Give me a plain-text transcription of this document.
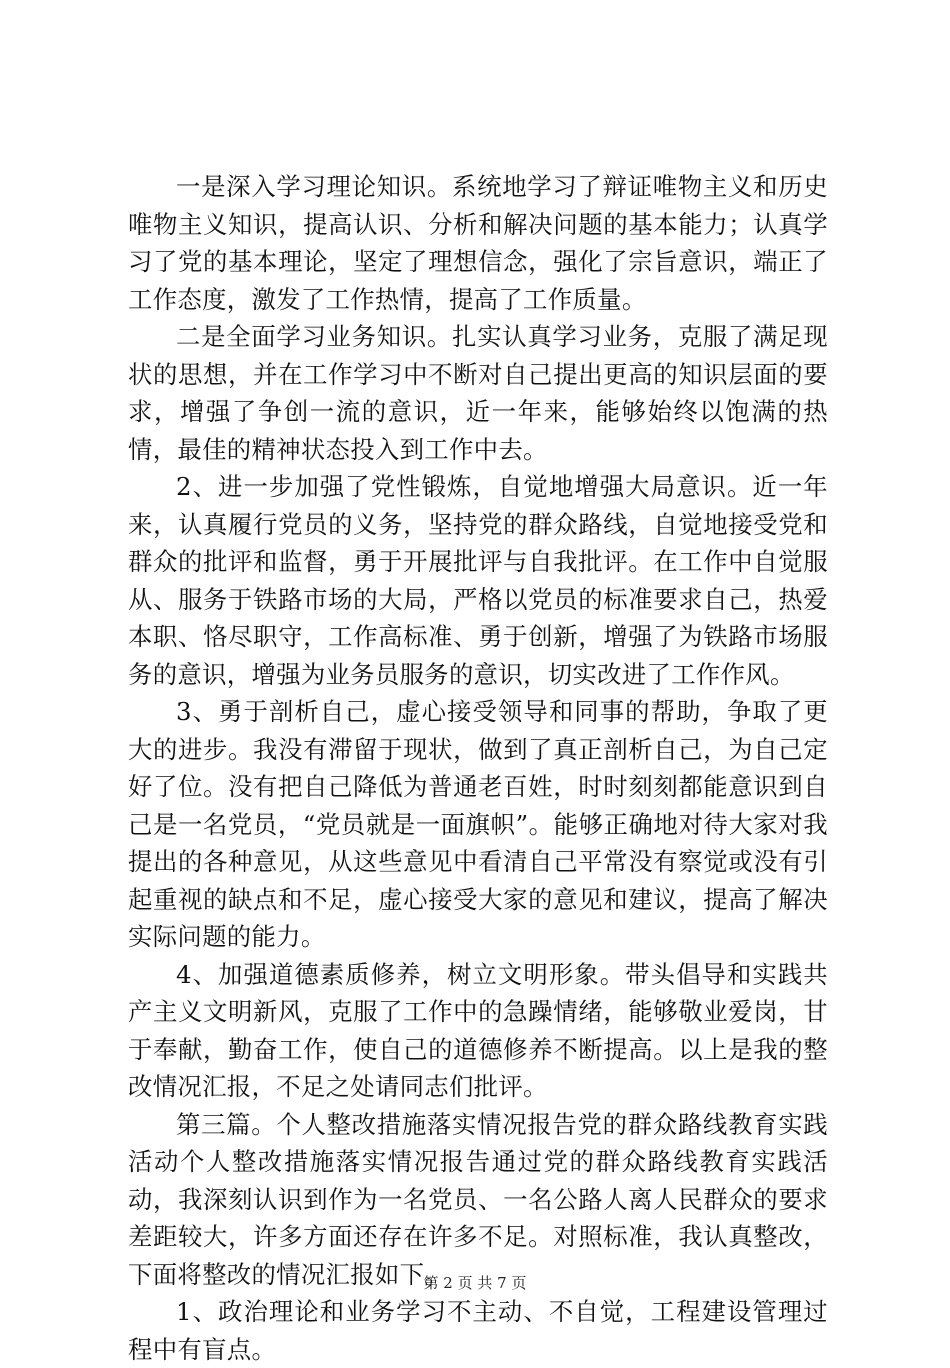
一是深入学习理论知识。系统地学习了辩证唯物主义和历史唯物主义知识，提高认识、分析和解决问题的基本能力；认真学习了党的基本理论，坚定了理想信念，强化了宗旨意识，端正了工作态度，激发了工作热情，提高了工作质量。

二是全面学习业务知识。扎实认真学习业务，克服了满足现状的思想，并在工作学习中不断对自己提出更高的知识层面的要求，增强了争创一流的意识，近一年来，能够始终以饱满的热情，最佳的精神状态投入到工作中去。

2、进一步加强了党性锻炼，自觉地增强大局意识。近一年来，认真履行党员的义务，坚持党的群众路线，自觉地接受党和群众的批评和监督，勇于开展批评与自我批评。在工作中自觉服从、服务于铁路市场的大局，严格以党员的标准要求自己，热爱本职、恪尽职守，工作高标准、勇于创新，增强了为铁路市场服务的意识，增强为业务员服务的意识，切实改进了工作作风。

3、勇于剖析自己，虚心接受领导和同事的帮助，争取了更大的进步。我没有滞留于现状，做到了真正剖析自己，为自己定好了位。没有把自己降低为普通老百姓，时时刻刻都能意识到自己是一名党员，“党员就是一面旗帜”。能够正确地对待大家对我提出的各种意见，从这些意见中看清自己平常没有察觉或没有引起重视的缺点和不足，虚心接受大家的意见和建议，提高了解决实际问题的能力。

4、加强道德素质修养，树立文明形象。带头倡导和实践共产主义文明新风，克服了工作中的急躁情绪，能够敬业爱岗，甘于奉献，勤奋工作，使自己的道德修养不断提高。以上是我的整改情况汇报，不足之处请同志们批评。

第三篇。个人整改措施落实情况报告党的群众路线教育实践活动个人整改措施落实情况报告通过党的群众路线教育实践活动，我深刻认识到作为一名党员、一名公路人离人民群众的要求差距较大，许多方面还存在许多不足。对照标准，我认真整改，下面将整改的情况汇报如下。

1、政治理论和业务学习不主动、不自觉，工程建设管理过程中有盲点。

第 2 页 共 7 页
